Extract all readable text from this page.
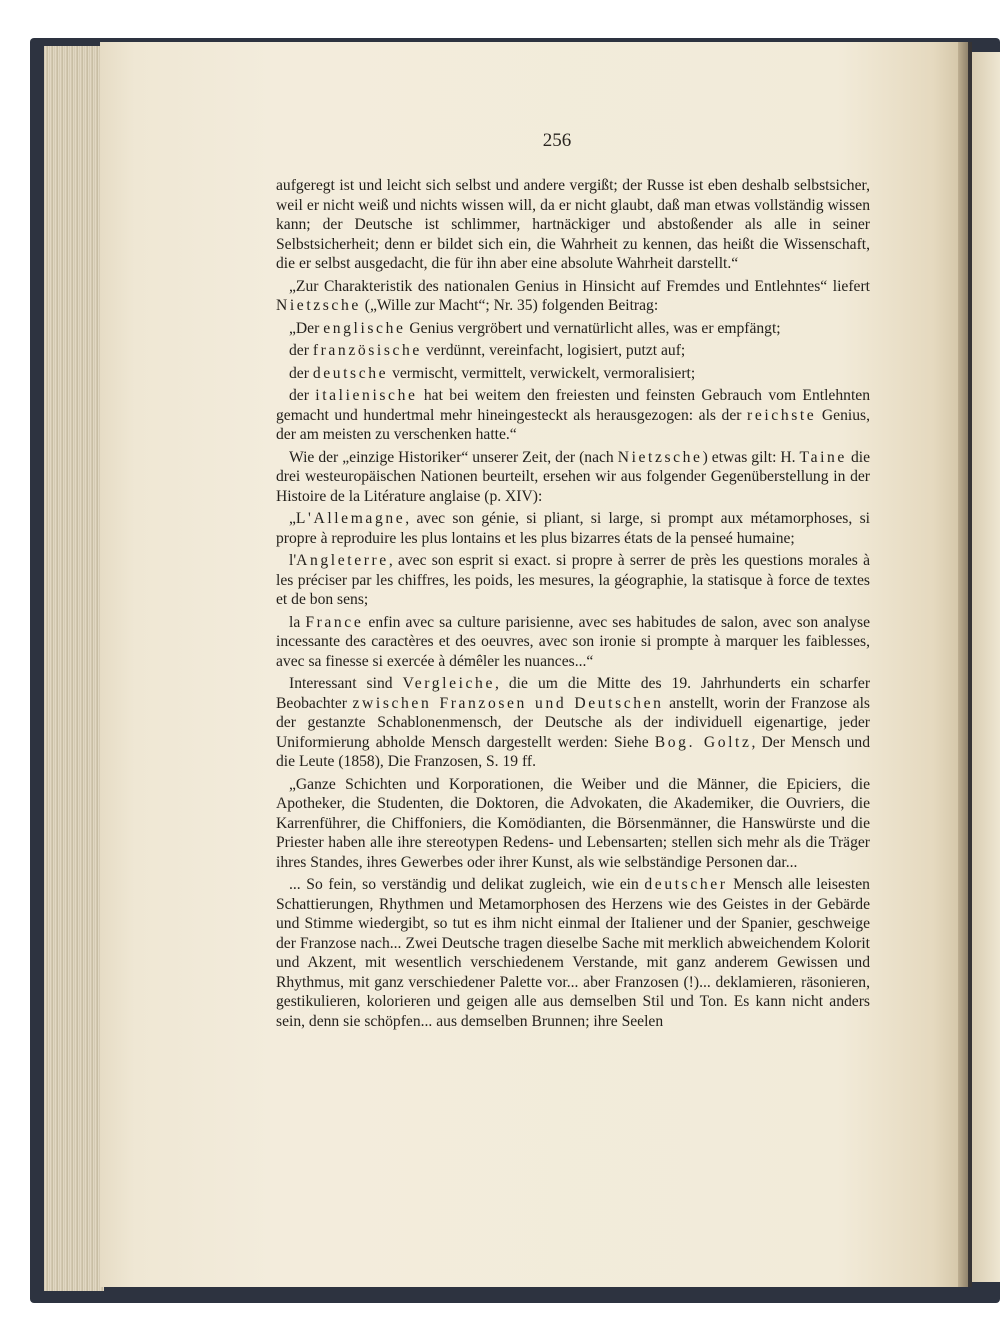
256

aufgeregt ist und leicht sich selbst und andere vergißt; der Russe ist eben deshalb selbstsicher, weil er nicht weiß und nichts wissen will, da er nicht glaubt, daß man etwas vollständig wissen kann; der Deutsche ist schlimmer, hartnäckiger und abstoßender als alle in seiner Selbstsicherheit; denn er bildet sich ein, die Wahrheit zu kennen, das heißt die Wissenschaft, die er selbst ausgedacht, die für ihn aber eine absolute Wahrheit darstellt.“

„Zur Charakteristik des nationalen Genius in Hinsicht auf Fremdes und Entlehntes“ liefert Nietzsche („Wille zur Macht“; Nr. 35) folgenden Beitrag:

„Der englische Genius vergröbert und vernatürlicht alles, was er empfängt;

der französische verdünnt, vereinfacht, logisiert, putzt auf;

der deutsche vermischt, vermittelt, verwickelt, vermoralisiert;

der italienische hat bei weitem den freiesten und feinsten Gebrauch vom Entlehnten gemacht und hundertmal mehr hineingesteckt als herausgezogen: als der reichste Genius, der am meisten zu verschenken hatte.“

Wie der „einzige Historiker“ unserer Zeit, der (nach Nietzsche) etwas gilt: H. Taine die drei westeuropäischen Nationen beurteilt, ersehen wir aus folgender Gegenüberstellung in der Histoire de la Litérature anglaise (p. XIV):

„L'Allemagne, avec son génie, si pliant, si large, si prompt aux métamorphoses, si propre à reproduire les plus lontains et les plus bizarres états de la penseé humaine;

l'Angleterre, avec son esprit si exact. si propre à serrer de près les questions morales à les préciser par les chiffres, les poids, les mesures, la géographie, la statisque à force de textes et de bon sens;

la France enfin avec sa culture parisienne, avec ses habitudes de salon, avec son analyse incessante des caractères et des oeuvres, avec son ironie si prompte à marquer les faiblesses, avec sa finesse si exercée à démêler les nuances...“

Interessant sind Vergleiche, die um die Mitte des 19. Jahrhunderts ein scharfer Beobachter zwischen Franzosen und Deutschen anstellt, worin der Franzose als der gestanzte Schablonenmensch, der Deutsche als der individuell eigenartige, jeder Uniformierung abholde Mensch dargestellt werden: Siehe Bog. Goltz, Der Mensch und die Leute (1858), Die Franzosen, S. 19 ff.

„Ganze Schichten und Korporationen, die Weiber und die Männer, die Epiciers, die Apotheker, die Studenten, die Doktoren, die Advokaten, die Akademiker, die Ouvriers, die Karrenführer, die Chiffoniers, die Komödianten, die Börsenmänner, die Hanswürste und die Priester haben alle ihre stereotypen Redens- und Lebensarten; stellen sich mehr als die Träger ihres Standes, ihres Gewerbes oder ihrer Kunst, als wie selbständige Personen dar...

... So fein, so verständig und delikat zugleich, wie ein deutscher Mensch alle leisesten Schattierungen, Rhythmen und Metamorphosen des Herzens wie des Geistes in der Gebärde und Stimme wiedergibt, so tut es ihm nicht einmal der Italiener und der Spanier, geschweige der Franzose nach... Zwei Deutsche tragen dieselbe Sache mit merklich abweichendem Kolorit und Akzent, mit wesentlich verschiedenem Verstande, mit ganz anderem Gewissen und Rhythmus, mit ganz verschiedener Palette vor... aber Franzosen (!)... deklamieren, räsonieren, gestikulieren, kolorieren und geigen alle aus demselben Stil und Ton. Es kann nicht anders sein, denn sie schöpfen... aus demselben Brunnen; ihre Seelen
